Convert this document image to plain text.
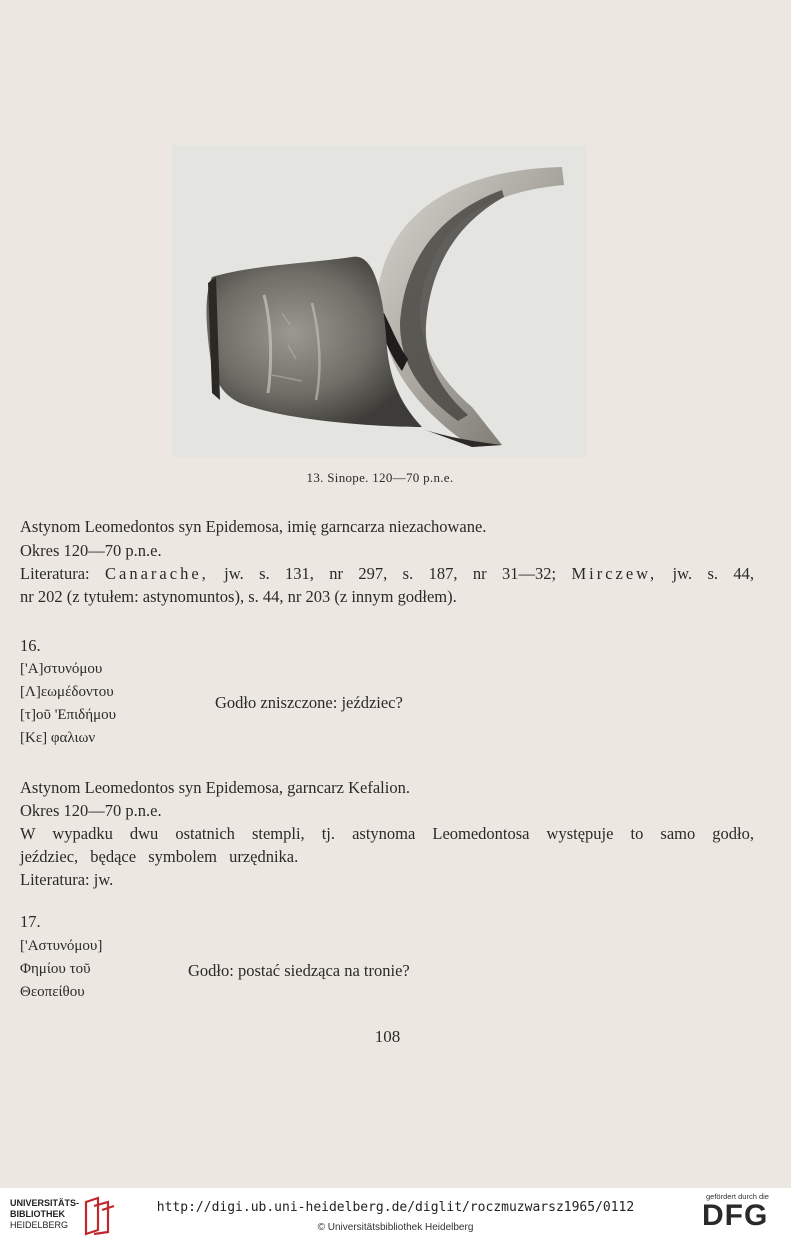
13. Sinope. 120—70 p.n.e.
Astynom Leomedontos syn Epidemosa, imię garncarza niezachowane.
Okres 120—70 p.n.e.
Literatura: Canarache, jw. s. 131, nr 297, s. 187, nr 31—32; Mirczew, jw. s. 44,
nr 202 (z tytułem: astynomuntos), s. 44, nr 203 (z innym godłem).
16.
['Α]στυνόμου
[Λ]εωμέδοντου
[τ]οῦ 'Επιδήμου
[Κε] φαλιων
Godło zniszczone: jeździec?
Astynom Leomedontos syn Epidemosa, garncarz Kefalion.
Okres 120—70 p.n.e.
W wypadku dwu ostatnich stempli, tj. astynoma Leomedontosa występuje to samo godło,
jeździec, będące symbolem urzędnika.
Literatura: jw.
17.
['Αστυνόμου]
Φημίου τοῦ
Θεοπείθου
Godło: postać siedząca na tronie?
108
UNIVERSITÄTS-
BIBLIOTHEK
HEIDELBERG
http://digi.ub.uni-heidelberg.de/diglit/roczmuzwarsz1965/0112
© Universitätsbibliothek Heidelberg
gefördert durch die
DFG
